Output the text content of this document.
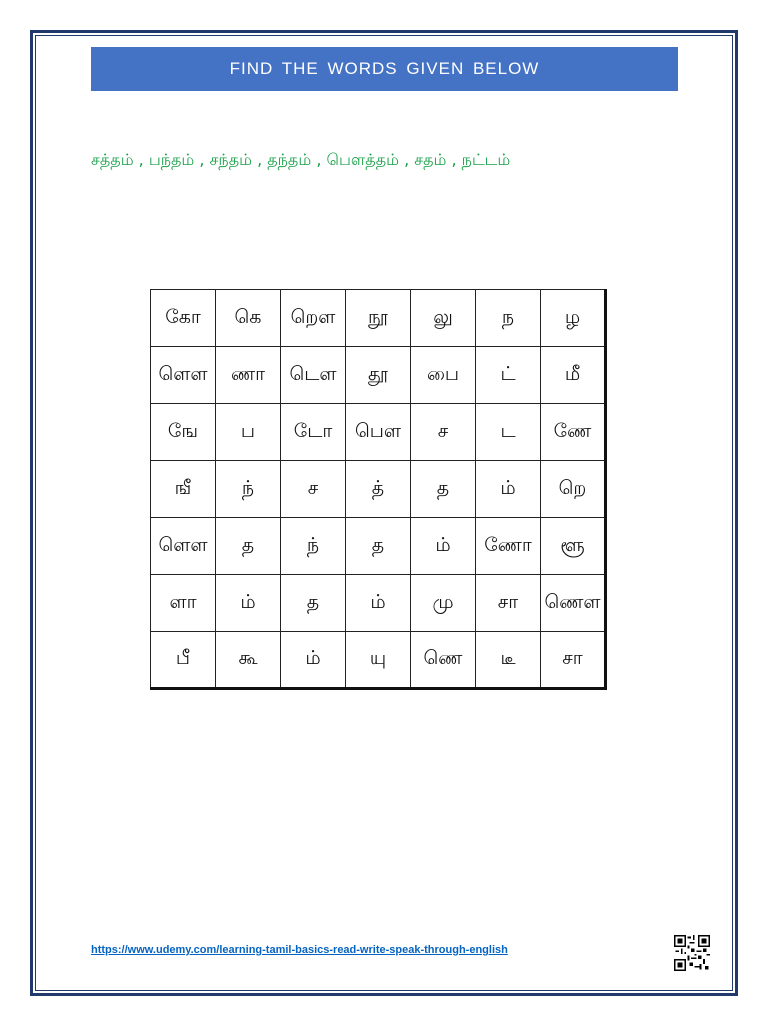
FIND THE WORDS GIVEN BELOW
சத்தம் , பந்தம் , சந்தம் , தந்தம் , பௌத்தம் , சதம் , நட்டம்
கோ	கெ	றௌ	நூ	லு	ந	ழ
ளௌ	ணா	டௌ	தூ	பை	ட்	மீ
ஙே	ப	டோ	பௌ	ச	ட	ணே
ஙீ	ந்	ச	த்	த	ம்	றெ
ளௌ	த	ந்	த	ம்	ணோ	ளூ
ளா	ம்	த	ம்	மு	சா	ணௌ
பீ	கூ	ம்	யு	ணெ	டீ	சா
https://www.udemy.com/learning-tamil-basics-read-write-speak-through-english
